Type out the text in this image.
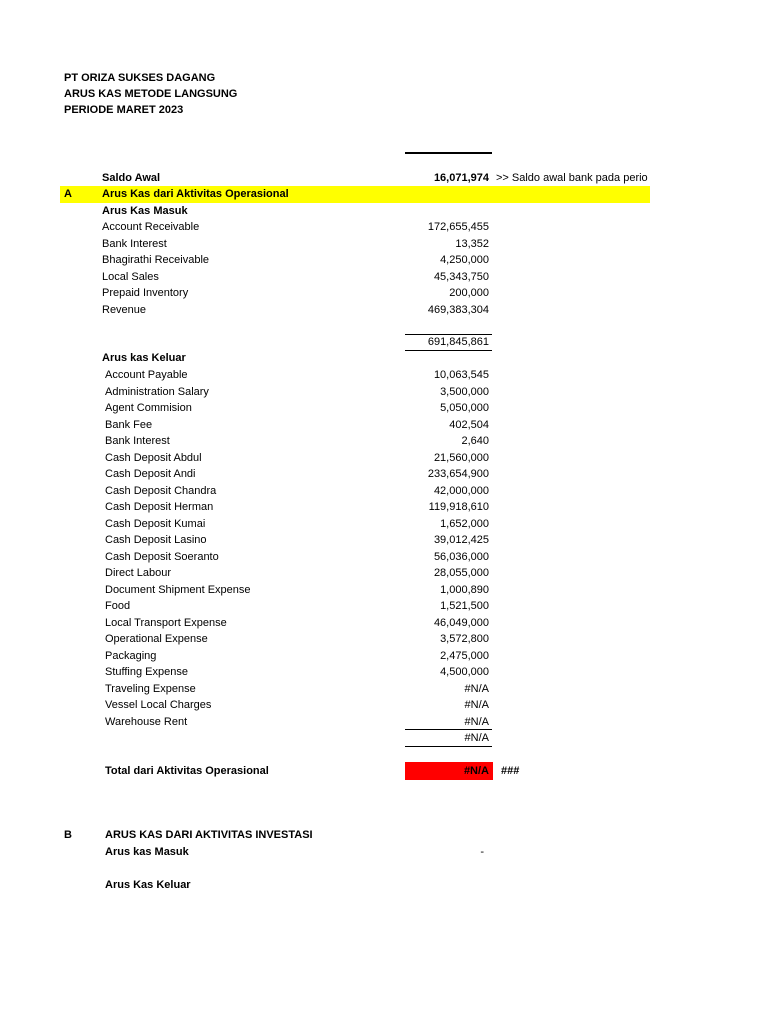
PT ORIZA SUKSES DAGANG
ARUS KAS METODE LANGSUNG
PERIODE MARET 2023
Saldo Awal	16,071,974 >> Saldo awal bank pada perio
A	Arus Kas dari Aktivitas Operasional
Arus Kas Masuk
Account Receivable	172,655,455
Bank Interest	13,352
Bhagirathi Receivable	4,250,000
Local Sales	45,343,750
Prepaid Inventory	200,000
Revenue	469,383,304
691,845,861
Arus kas Keluar
Account Payable	10,063,545
Administration Salary	3,500,000
Agent Commision	5,050,000
Bank Fee	402,504
Bank Interest	2,640
Cash Deposit Abdul	21,560,000
Cash Deposit Andi	233,654,900
Cash Deposit Chandra	42,000,000
Cash Deposit Herman	119,918,610
Cash Deposit Kumai	1,652,000
Cash Deposit Lasino	39,012,425
Cash Deposit Soeranto	56,036,000
Direct Labour	28,055,000
Document Shipment Expense	1,000,890
Food	1,521,500
Local Transport Expense	46,049,000
Operational Expense	3,572,800
Packaging	2,475,000
Stuffing Expense	4,500,000
Traveling Expense	#N/A
Vessel Local Charges	#N/A
Warehouse Rent	#N/A
#N/A
Total dari Aktivitas Operasional	#N/A ###
B	ARUS KAS DARI AKTIVITAS INVESTASI
Arus kas Masuk	-
Arus Kas Keluar
